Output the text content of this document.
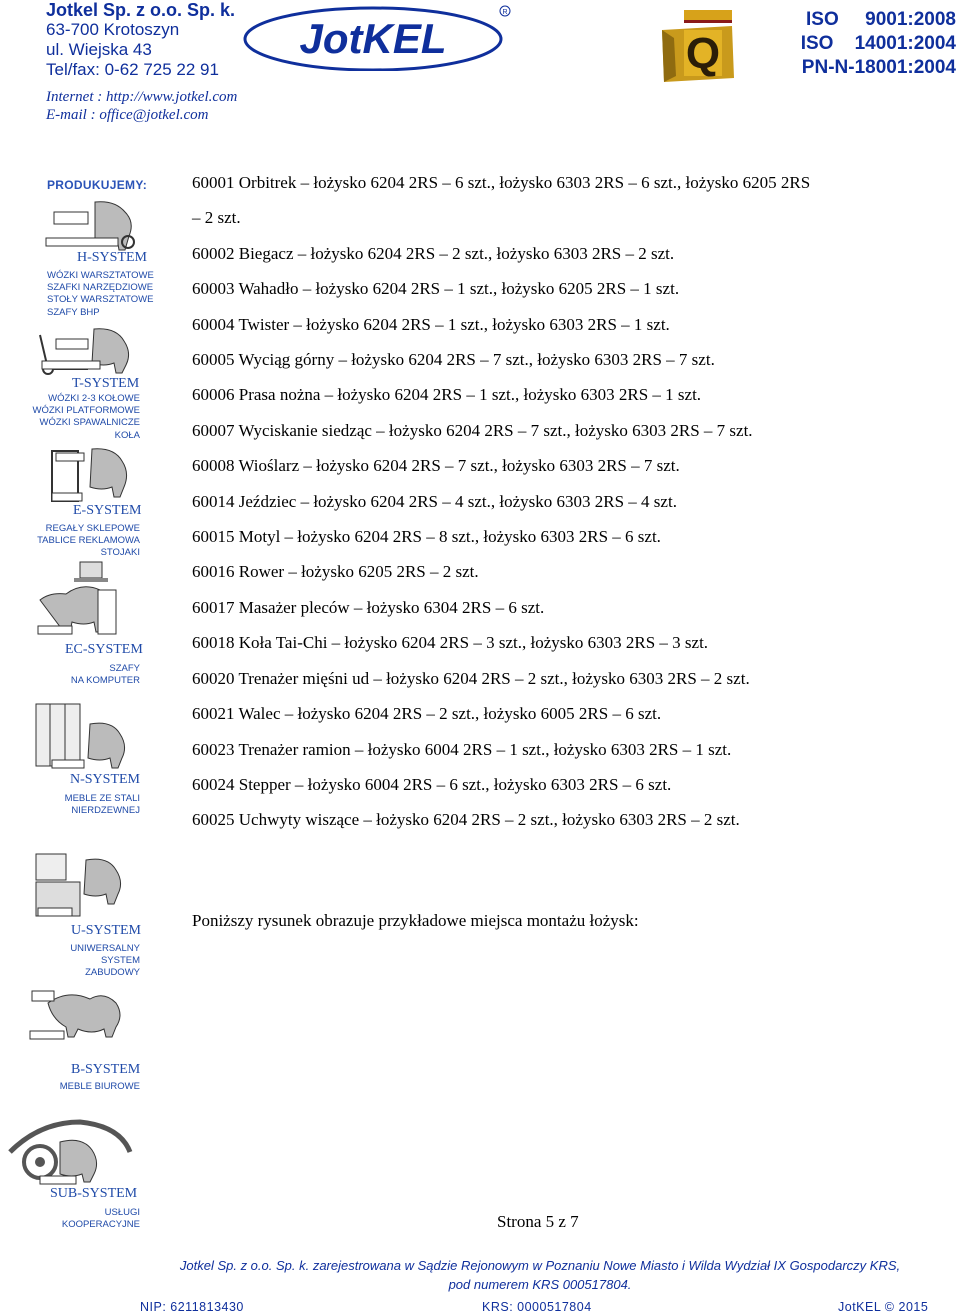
Jotkel Sp. z o.o. Sp. k.
63-700 Krotoszyn
ul. Wiejska 43
Tel/fax: 0-62 725 22 91
Internet : http://www.jotkel.com
E-mail : office@jotkel.com
JotKEL
R
Q
ISO     9001:2008
ISO    14001:2004
PN-N-18001:2004
PRODUKUJEMY:
H-SYSTEM
WÓZKI WARSZTATOWE
SZAFKI NARZĘDZIOWE
STOŁY WARSZTATOWE
SZAFY BHP
T-SYSTEM
WÓZKI 2-3 KOŁOWE
WÓZKI PLATFORMOWE
WÓZKI SPAWALNICZE
KOŁA
E-SYSTEM
REGAŁY SKLEPOWE
TABLICE REKLAMOWA
STOJAKI
EC-SYSTEM
SZAFY
NA KOMPUTER
N-SYSTEM
MEBLE ZE STALI
NIERDZEWNEJ
U-SYSTEM
UNIWERSALNY
SYSTEM
ZABUDOWY
B-SYSTEM
MEBLE BIUROWE
SUB-SYSTEM
USŁUGI
KOOPERACYJNE

60001 Orbitrek – łożysko 6204 2RS – 6 szt., łożysko 6303 2RS – 6 szt., łożysko 6205 2RS

– 2 szt.

60002 Biegacz – łożysko 6204 2RS – 2 szt., łożysko 6303 2RS – 2 szt.

60003 Wahadło – łożysko 6204 2RS – 1 szt., łożysko 6205 2RS – 1 szt.

60004 Twister – łożysko 6204 2RS – 1 szt., łożysko 6303 2RS – 1 szt.

60005 Wyciąg górny – łożysko 6204 2RS – 7 szt., łożysko 6303 2RS – 7 szt.

60006 Prasa nożna – łożysko 6204 2RS – 1 szt., łożysko 6303 2RS – 1 szt.

60007 Wyciskanie siedząc – łożysko 6204 2RS – 7 szt., łożysko 6303 2RS – 7 szt.

60008 Wioślarz – łożysko 6204 2RS – 7 szt., łożysko 6303 2RS – 7 szt.

60014 Jeździec – łożysko 6204 2RS – 4 szt., łożysko 6303 2RS – 4 szt.

60015 Motyl – łożysko 6204 2RS – 8 szt., łożysko 6303 2RS – 6 szt.

60016 Rower – łożysko 6205 2RS – 2 szt.

60017 Masażer pleców – łożysko 6304 2RS – 6 szt.

60018 Koła Tai-Chi – łożysko 6204 2RS – 3 szt., łożysko 6303 2RS – 3 szt.

60020 Trenażer mięśni ud – łożysko 6204 2RS – 2 szt., łożysko 6303 2RS – 2 szt.

60021 Walec – łożysko 6204 2RS – 2 szt., łożysko 6005 2RS – 6 szt.

60023 Trenażer ramion – łożysko 6004 2RS – 1 szt., łożysko 6303 2RS – 1 szt.

60024 Stepper – łożysko 6004 2RS – 6 szt., łożysko 6303 2RS – 6 szt.

60025 Uchwyty wiszące – łożysko 6204 2RS – 2 szt., łożysko 6303 2RS – 2 szt.

Poniższy rysunek obrazuje przykładowe miejsca montażu łożysk:
Strona 5 z 7
Jotkel Sp. z o.o. Sp. k. zarejestrowana w Sądzie Rejonowym w Poznaniu Nowe Miasto i Wilda Wydział IX Gospodarczy KRS,
pod numerem KRS 000517804.
NIP: 6211813430	KRS: 0000517804	JotKEL © 2015
